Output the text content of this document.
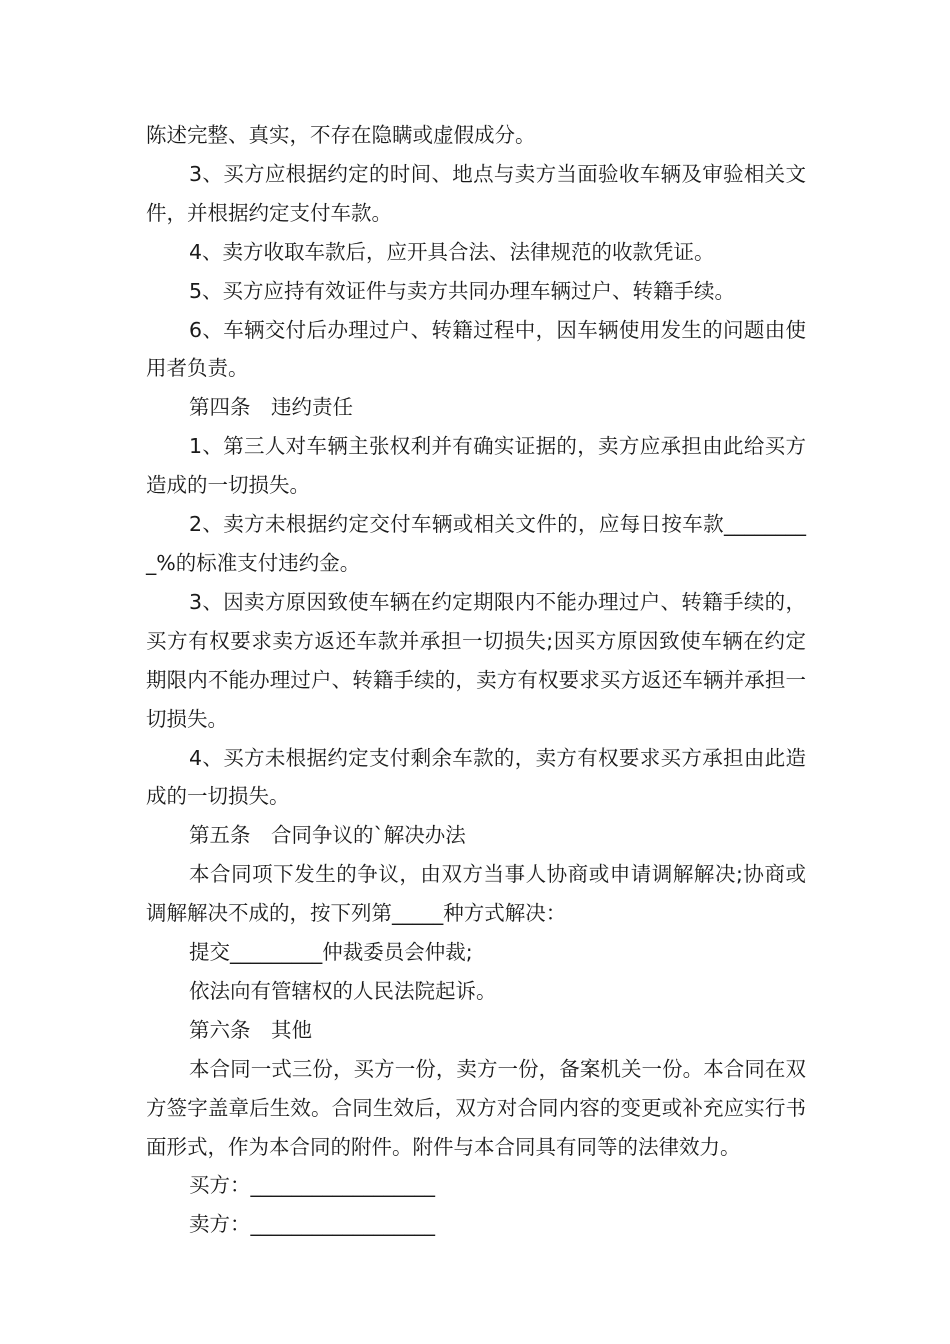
陈述完整、真实，不存在隐瞒或虚假成分。

3、买方应根据约定的时间、地点与卖方当面验收车辆及审验相关文件，并根据约定支付车款。

4、卖方收取车款后，应开具合法、法律规范的收款凭证。

5、买方应持有效证件与卖方共同办理车辆过户、转籍手续。

6、车辆交付后办理过户、转籍过程中，因车辆使用发生的问题由使用者负责。

第四条　违约责任

1、第三人对车辆主张权利并有确实证据的，卖方应承担由此给买方造成的一切损失。

2、卖方未根据约定交付车辆或相关文件的，应每日按车款_________%的标准支付违约金。

3、因卖方原因致使车辆在约定期限内不能办理过户、转籍手续的，买方有权要求卖方返还车款并承担一切损失;因买方原因致使车辆在约定期限内不能办理过户、转籍手续的，卖方有权要求买方返还车辆并承担一切损失。

4、买方未根据约定支付剩余车款的，卖方有权要求买方承担由此造成的一切损失。

第五条　合同争议的`解决办法

本合同项下发生的争议，由双方当事人协商或申请调解解决;协商或调解解决不成的，按下列第_____种方式解决：

提交_________仲裁委员会仲裁;

依法向有管辖权的人民法院起诉。

第六条　其他

本合同一式三份，买方一份，卖方一份，备案机关一份。本合同在双方签字盖章后生效。合同生效后，双方对合同内容的变更或补充应实行书面形式，作为本合同的附件。附件与本合同具有同等的法律效力。

买方：__________________

卖方：__________________
